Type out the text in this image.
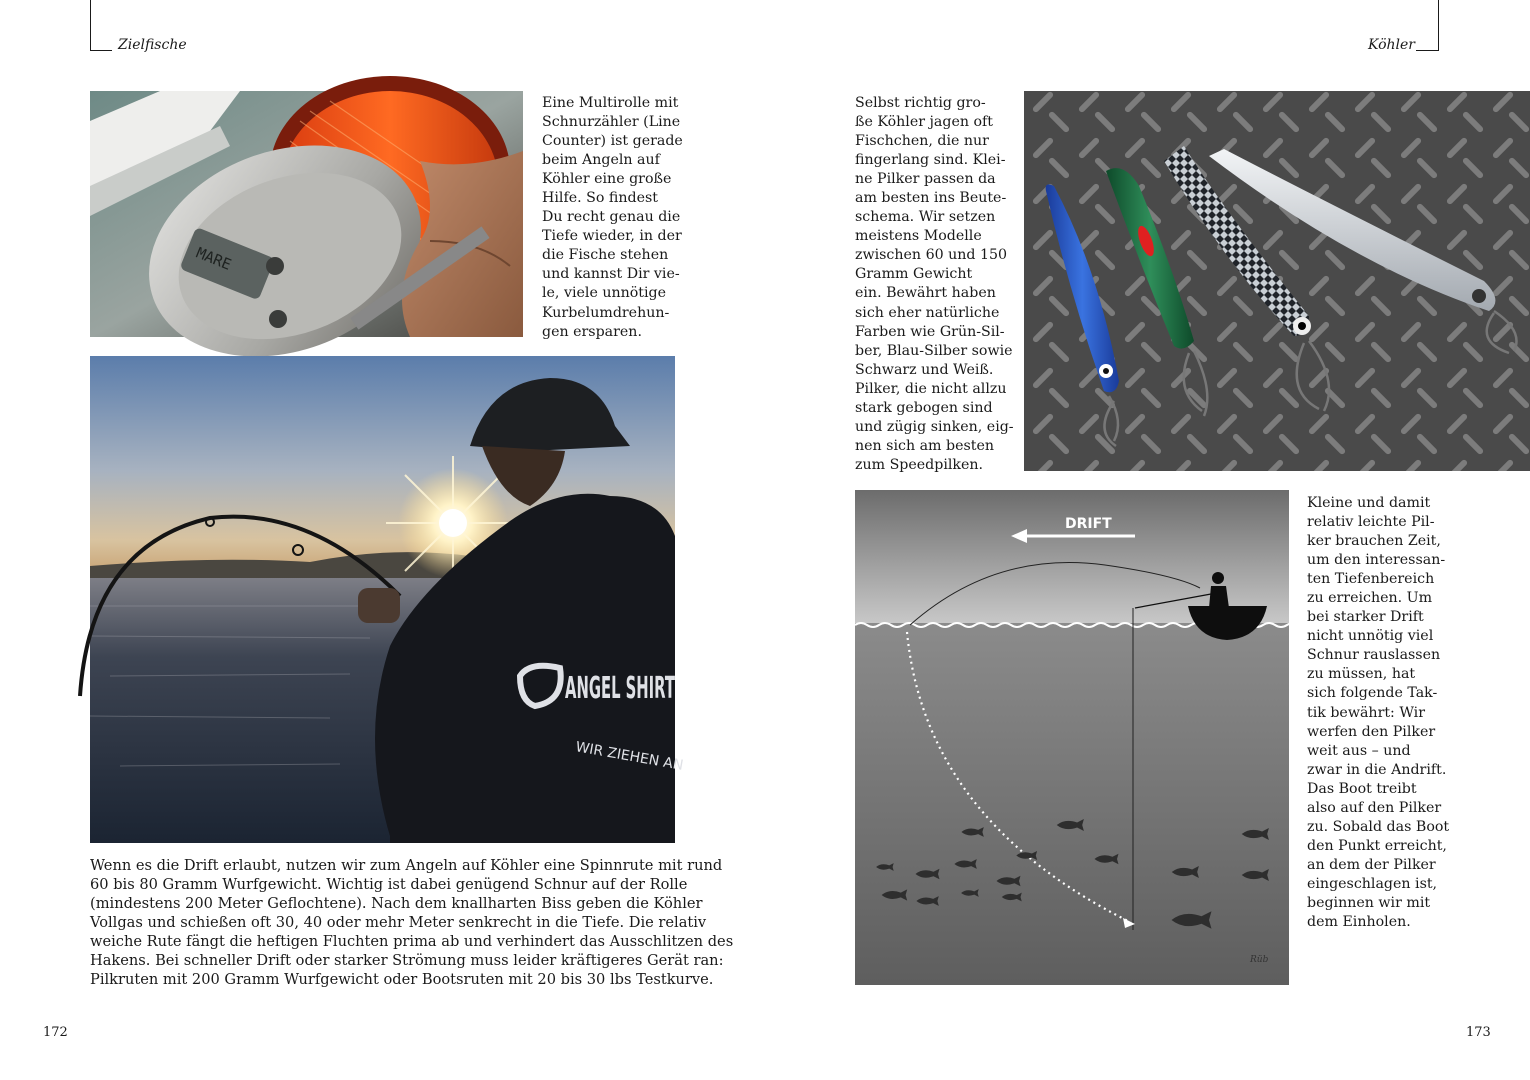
Zielfische	Köhler
MARE
Eine Multirolle mit
Schnurzähler (Line
Counter) ist gerade
beim Angeln auf
Köhler eine große
Hilfe. So findest
Du recht genau die
Tiefe wieder, in der
die Fische stehen
und kannst Dir vie-
le, viele unnötige
Kurbelumdrehun-
gen ersparen.
ANGEL SHIRT
WIR ZIEHEN AN
Wenn es die Drift erlaubt, nutzen wir zum Angeln auf Köhler eine Spinnrute mit rund
60 bis 80 Gramm Wurfgewicht. Wichtig ist dabei genügend Schnur auf der Rolle
(mindestens 200 Meter Geflochtene). Nach dem knallharten Biss geben die Köhler
Vollgas und schießen oft 30, 40 oder mehr Meter senkrecht in die Tiefe. Die relativ
weiche Rute fängt die heftigen Fluchten prima ab und verhindert das Ausschlitzen des
Hakens. Bei schneller Drift oder starker Strömung muss leider kräftigeres Gerät ran:
Pilkruten mit 200 Gramm Wurfgewicht oder Bootsruten mit 20 bis 30 lbs Testkurve.
172
Selbst richtig gro-
ße Köhler jagen oft
Fischchen, die nur
fingerlang sind. Klei-
ne Pilker passen da
am besten ins Beute-
schema. Wir setzen
meistens Modelle
zwischen 60 und 150
Gramm Gewicht
ein. Bewährt haben
sich eher natürliche
Farben wie Grün-Sil-
ber, Blau-Silber sowie
Schwarz und Weiß.
Pilker, die nicht allzu
stark gebogen sind
und zügig sinken, eig-
nen sich am besten
zum Speedpilken.
DRIFT
Rüb
Kleine und damit
relativ leichte Pil-
ker brauchen Zeit,
um den interessan-
ten Tiefenbereich
zu erreichen. Um
bei starker Drift
nicht unnötig viel
Schnur rauslassen
zu müssen, hat
sich folgende Tak-
tik bewährt: Wir
werfen den Pilker
weit aus – und
zwar in die Andrift.
Das Boot treibt
also auf den Pilker
zu. Sobald das Boot
den Punkt erreicht,
an dem der Pilker
eingeschlagen ist,
beginnen wir mit
dem Einholen.
173
